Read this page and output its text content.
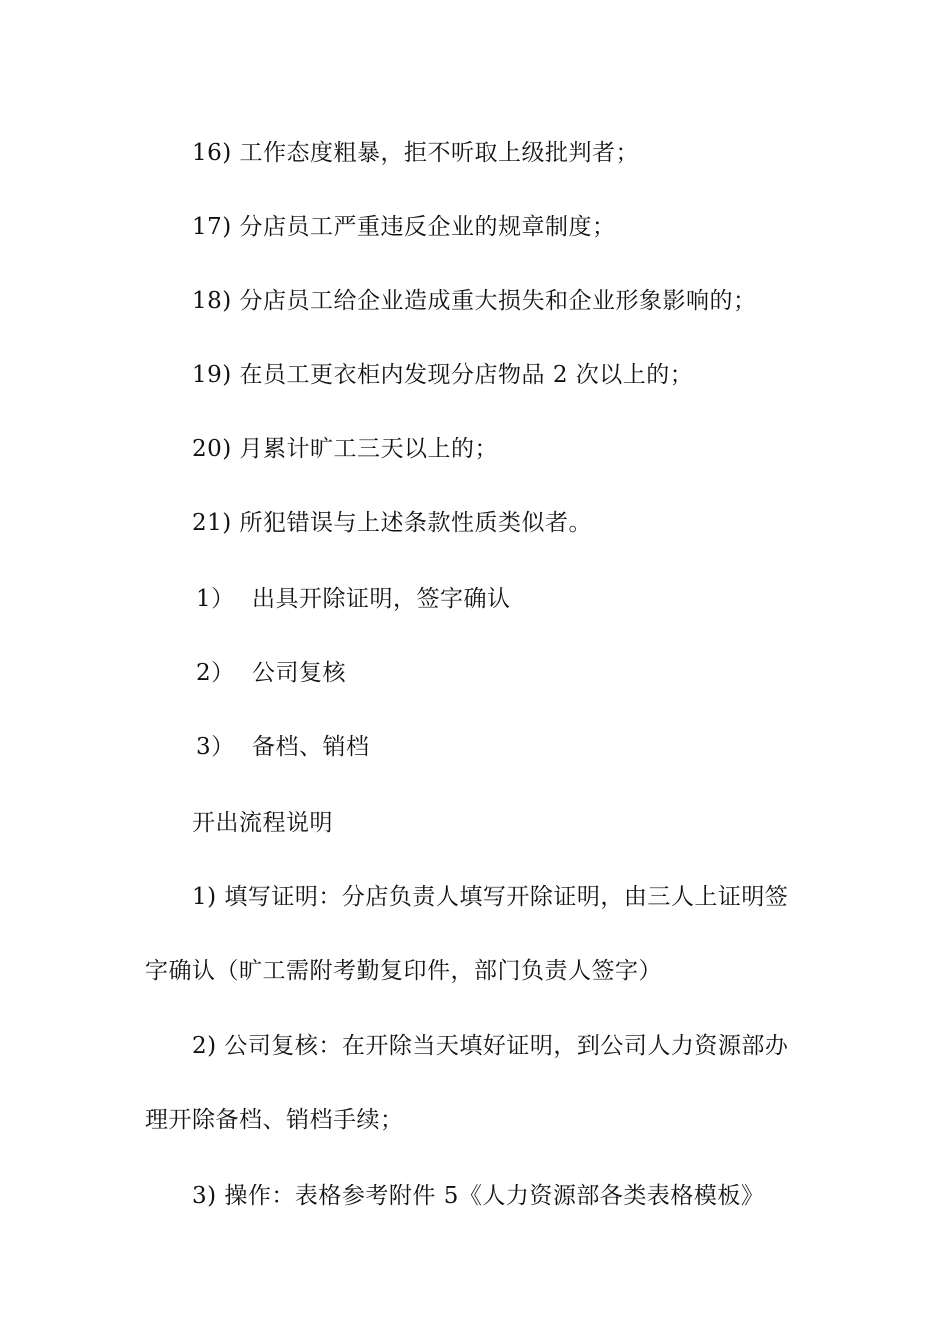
16) 工作态度粗暴，拒不听取上级批判者；
17) 分店员工严重违反企业的规章制度；
18) 分店员工给企业造成重大损失和企业形象影响的；
19) 在员工更衣柜内发现分店物品 2 次以上的；
20) 月累计旷工三天以上的；
21) 所犯错误与上述条款性质类似者。
1） 出具开除证明，签字确认
2） 公司复核
3） 备档、销档
开出流程说明
1) 填写证明：分店负责人填写开除证明，由三人上证明签
字确认（旷工需附考勤复印件，部门负责人签字）
2) 公司复核：在开除当天填好证明，到公司人力资源部办
理开除备档、销档手续；
3) 操作：表格参考附件 5《人力资源部各类表格模板》
